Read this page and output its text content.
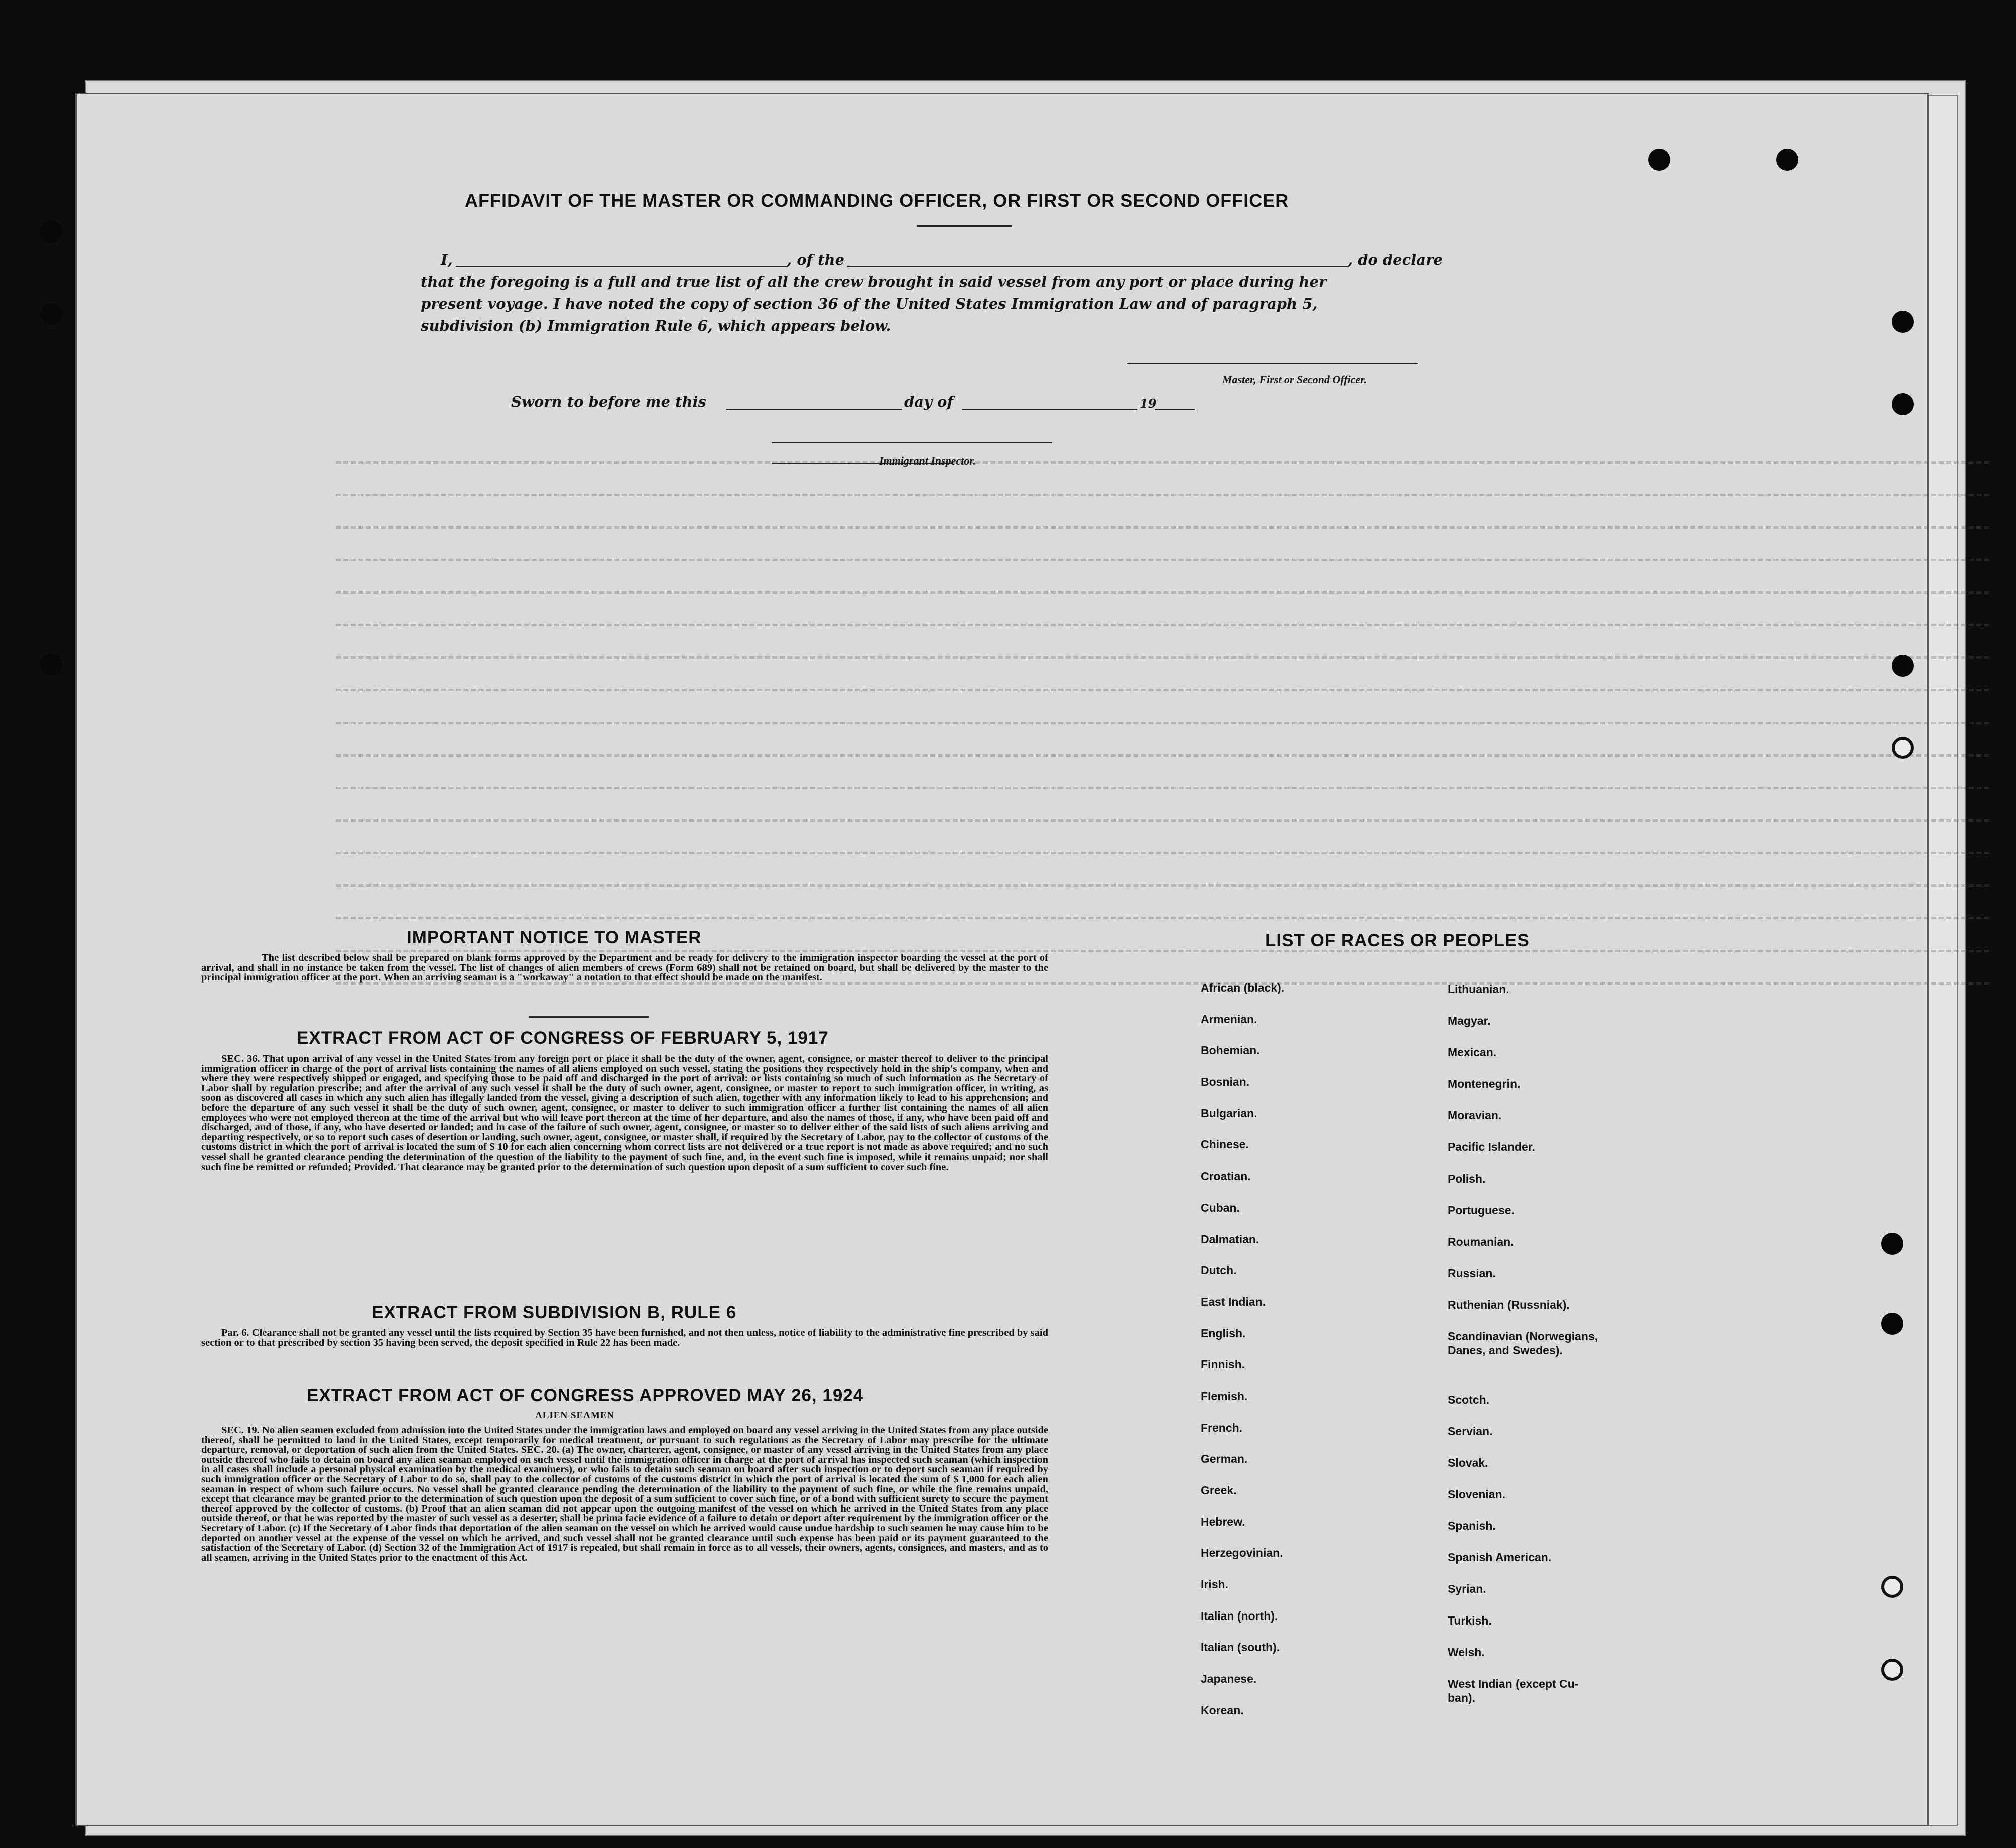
AFFIDAVIT OF THE MASTER OR COMMANDING OFFICER, OR FIRST OR SECOND OFFICER
I,	, of the	, do declare
that the foregoing is a full and true list of all the crew brought in said vessel from any port or place during her
present voyage. I have noted the copy of section 36 of the United States Immigration Law and of paragraph 5,
subdivision (b) Immigration Rule 6, which appears below.
Master, First or Second Officer.
Sworn to before me this	day of	19
Immigrant Inspector.
IMPORTANT NOTICE TO MASTER
The list described below shall be prepared on blank forms approved by the Department and be ready for delivery to the immigration inspector boarding the vessel at the port of arrival, and shall in no instance be taken from the vessel. The list of changes of alien members of crews (Form 689) shall not be retained on board, but shall be delivered by the master to the principal immigration officer at the port. When an arriving seaman is a "workaway" a notation to that effect should be made on the manifest.
EXTRACT FROM ACT OF CONGRESS OF FEBRUARY 5, 1917
SEC. 36. That upon arrival of any vessel in the United States from any foreign port or place it shall be the duty of the owner, agent, consignee, or master thereof to deliver to the principal immigration officer in charge of the port of arrival lists containing the names of all aliens employed on such vessel, stating the positions they respectively hold in the ship's company, when and where they were respectively shipped or engaged, and specifying those to be paid off and discharged in the port of arrival: or lists containing so much of such information as the Secretary of Labor shall by regulation prescribe; and after the arrival of any such vessel it shall be the duty of such owner, agent, consignee, or master to report to such immigration officer, in writing, as soon as discovered all cases in which any such alien has illegally landed from the vessel, giving a description of such alien, together with any information likely to lead to his apprehension; and before the departure of any such vessel it shall be the duty of such owner, agent, consignee, or master to deliver to such immigration officer a further list containing the names of all alien employees who were not employed thereon at the time of the arrival but who will leave port thereon at the time of her departure, and also the names of those, if any, who have been paid off and discharged, and of those, if any, who have deserted or landed; and in case of the failure of such owner, agent, consignee, or master so to deliver either of the said lists of such aliens arriving and departing respectively, or so to report such cases of desertion or landing, such owner, agent, consignee, or master shall, if required by the Secretary of Labor, pay to the collector of customs of the customs district in which the port of arrival is located the sum of $ 10 for each alien concerning whom correct lists are not delivered or a true report is not made as above required; and no such vessel shall be granted clearance pending the determination of the question of the liability to the payment of such fine, and, in the event such fine is imposed, while it remains unpaid; nor shall such fine be remitted or refunded; Provided. That clearance may be granted prior to the determination of such question upon deposit of a sum sufficient to cover such fine.
EXTRACT FROM SUBDIVISION B, RULE 6
Par. 6. Clearance shall not be granted any vessel until the lists required by Section 35 have been furnished, and not then unless, notice of liability to the administrative fine prescribed by said section or to that prescribed by section 35 having been served, the deposit specified in Rule 22 has been made.
EXTRACT FROM ACT OF CONGRESS APPROVED MAY 26, 1924
ALIEN SEAMEN
SEC. 19. No alien seamen excluded from admission into the United States under the immigration laws and employed on board any vessel arriving in the United States from any place outside thereof, shall be permitted to land in the United States, except temporarily for medical treatment, or pursuant to such regulations as the Secretary of Labor may prescribe for the ultimate departure, removal, or deportation of such alien from the United States. SEC. 20. (a) The owner, charterer, agent, consignee, or master of any vessel arriving in the United States from any place outside thereof who fails to detain on board any alien seaman employed on such vessel until the immigration officer in charge at the port of arrival has inspected such seaman (which inspection in all cases shall include a personal physical examination by the medical examiners), or who fails to detain such seaman on board after such inspection or to deport such seaman if required by such immigration officer or the Secretary of Labor to do so, shall pay to the collector of customs of the customs district in which the port of arrival is located the sum of $ 1,000 for each alien seaman in respect of whom such failure occurs. No vessel shall be granted clearance pending the determination of the liability to the payment of such fine, or while the fine remains unpaid, except that clearance may be granted prior to the determination of such question upon the deposit of a sum sufficient to cover such fine, or of a bond with sufficient surety to secure the payment thereof approved by the collector of customs. (b) Proof that an alien seaman did not appear upon the outgoing manifest of the vessel on which he arrived in the United States from any place outside thereof, or that he was reported by the master of such vessel as a deserter, shall be prima facie evidence of a failure to detain or deport after requirement by the immigration officer or the Secretary of Labor. (c) If the Secretary of Labor finds that deportation of the alien seaman on the vessel on which he arrived would cause undue hardship to such seamen he may cause him to be deported on another vessel at the expense of the vessel on which he arrived, and such vessel shall not be granted clearance until such expense has been paid or its payment guaranteed to the satisfaction of the Secretary of Labor. (d) Section 32 of the Immigration Act of 1917 is repealed, but shall remain in force as to all vessels, their owners, agents, consignees, and masters, and as to all seamen, arriving in the United States prior to the enactment of this Act.
LIST OF RACES OR PEOPLES
African (black).
Armenian.
Bohemian.
Bosnian.
Bulgarian.
Chinese.
Croatian.
Cuban.
Dalmatian.
Dutch.
East Indian.
English.
Finnish.
Flemish.
French.
German.
Greek.
Hebrew.
Herzegovinian.
Irish.
Italian (north).
Italian (south).
Japanese.
Korean.
Lithuanian.
Magyar.
Mexican.
Montenegrin.
Moravian.
Pacific Islander.
Polish.
Portuguese.
Roumanian.
Russian.
Ruthenian (Russniak).
Scandinavian (Norwegians,
Danes, and Swedes).
Scotch.
Servian.
Slovak.
Slovenian.
Spanish.
Spanish American.
Syrian.
Turkish.
Welsh.
West Indian (except Cu-
ban).
